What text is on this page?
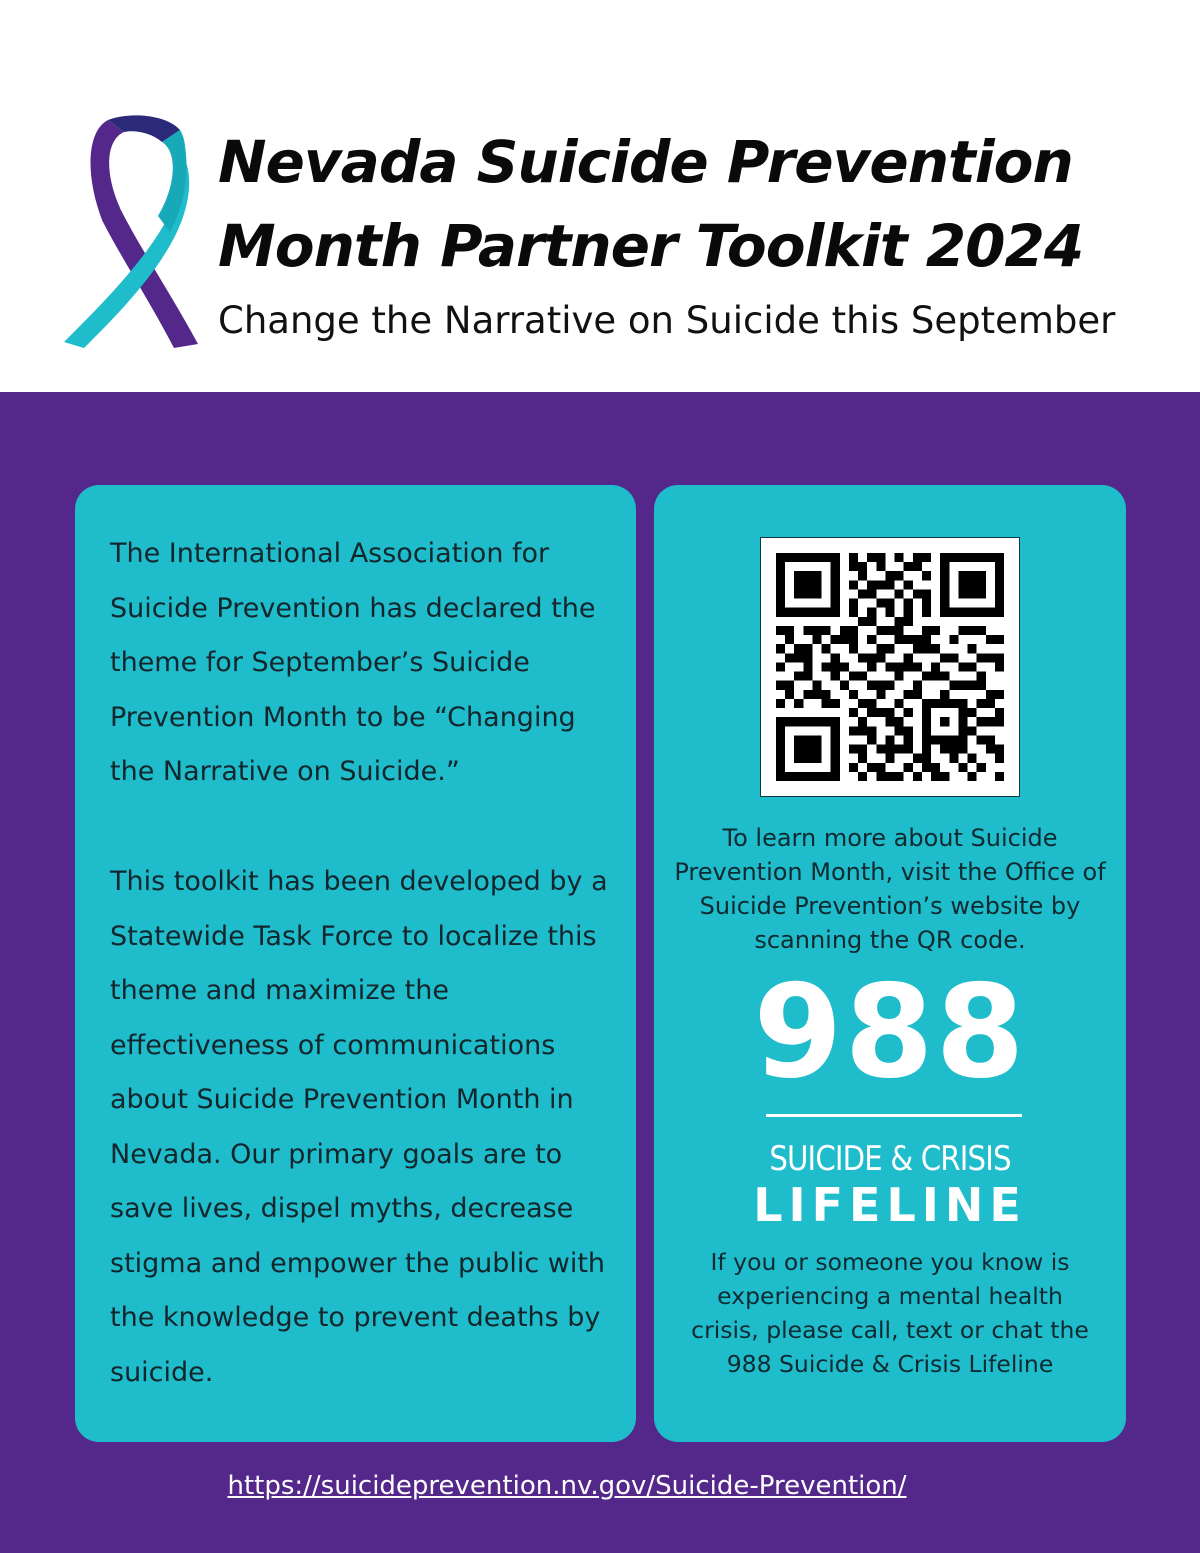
Nevada Suicide Prevention
Month Partner Toolkit 2024

Change the Narrative on Suicide this September

The International Association for Suicide Prevention has declared the theme for September’s Suicide Prevention Month to be “Changing the Narrative on Suicide.”

This toolkit has been developed by a Statewide Task Force to localize this theme and maximize the effectiveness of communications about Suicide Prevention Month in Nevada. Our primary goals are to save lives, dispel myths, decrease stigma and empower the public with the knowledge to prevent deaths by suicide.

To learn more about Suicide Prevention Month, visit the Office of Suicide Prevention’s website by scanning the QR code.

988
SUICIDE & CRISIS
LIFELINE

If you or someone you know is experiencing a mental health crisis, please call, text or chat the 988 Suicide & Crisis Lifeline

https://suicideprevention.nv.gov/Suicide-Prevention/
